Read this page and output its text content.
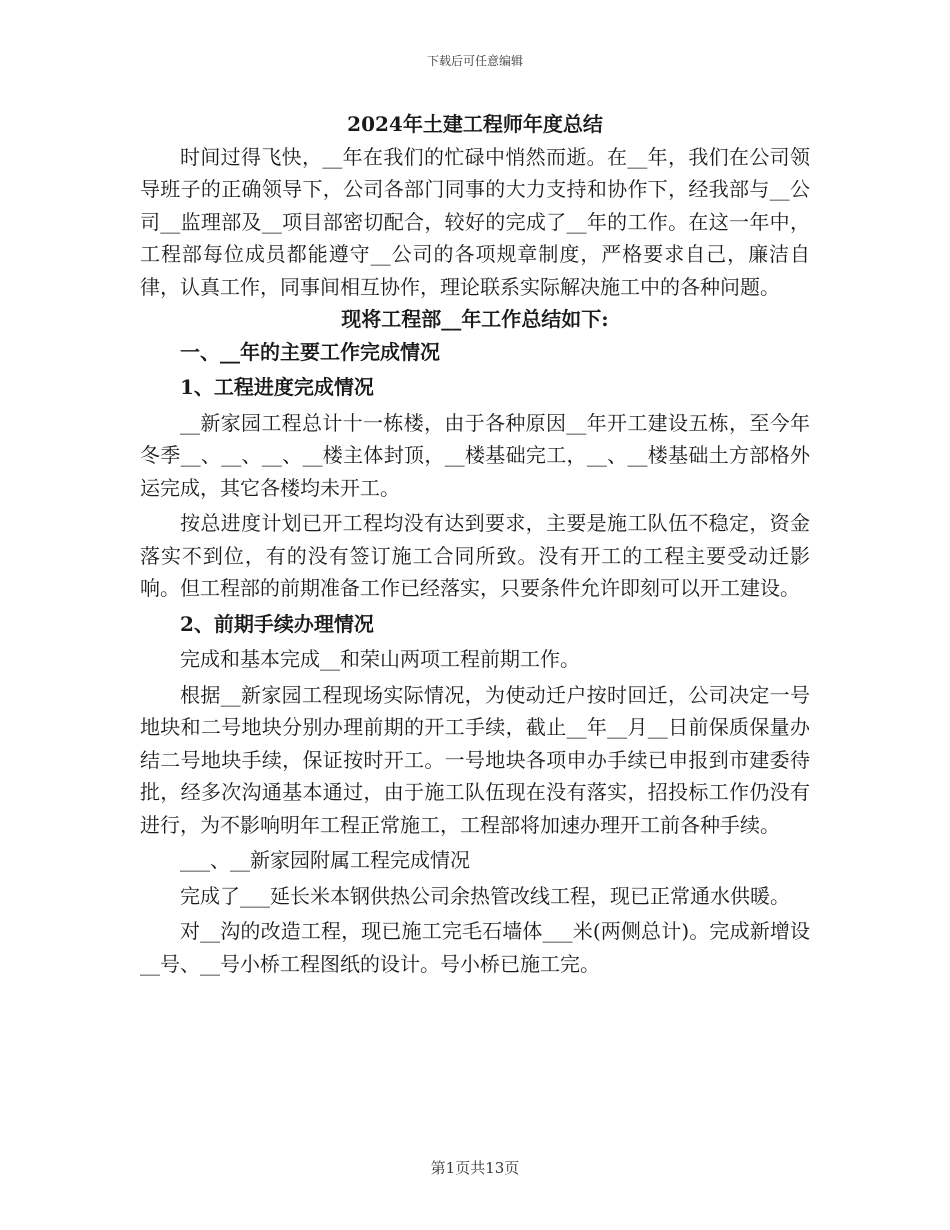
下载后可任意编辑

2024年土建工程师年度总结

时间过得飞快，__年在我们的忙碌中悄然而逝。在__年，我们在公司领导班子的正确领导下，公司各部门同事的大力支持和协作下，经我部与__公司__监理部及__项目部密切配合，较好的完成了__年的工作。在这一年中，工程部每位成员都能遵守__公司的各项规章制度，严格要求自己，廉洁自律，认真工作，同事间相互协作，理论联系实际解决施工中的各种问题。

现将工程部__年工作总结如下:

一、__年的主要工作完成情况

1、工程进度完成情况

__新家园工程总计十一栋楼，由于各种原因__年开工建设五栋，至今年冬季__、__、__、__楼主体封顶，__楼基础完工，__、__楼基础土方部格外运完成，其它各楼均未开工。

按总进度计划已开工程均没有达到要求，主要是施工队伍不稳定，资金落实不到位，有的没有签订施工合同所致。没有开工的工程主要受动迁影响。但工程部的前期准备工作已经落实，只要条件允许即刻可以开工建设。

2、前期手续办理情况

完成和基本完成__和荣山两项工程前期工作。

根据__新家园工程现场实际情况，为使动迁户按时回迁，公司决定一号地块和二号地块分别办理前期的开工手续，截止__年__月__日前保质保量办结二号地块手续，保证按时开工。一号地块各项申办手续已申报到市建委待批，经多次沟通基本通过，由于施工队伍现在没有落实，招投标工作仍没有进行，为不影响明年工程正常施工，工程部将加速办理开工前各种手续。

___、__新家园附属工程完成情况

完成了___延长米本钢供热公司余热管改线工程，现已正常通水供暖。

对__沟的改造工程，现已施工完毛石墙体___米(两侧总计)。完成新增设__号、__号小桥工程图纸的设计。号小桥已施工完。

第1页共13页
